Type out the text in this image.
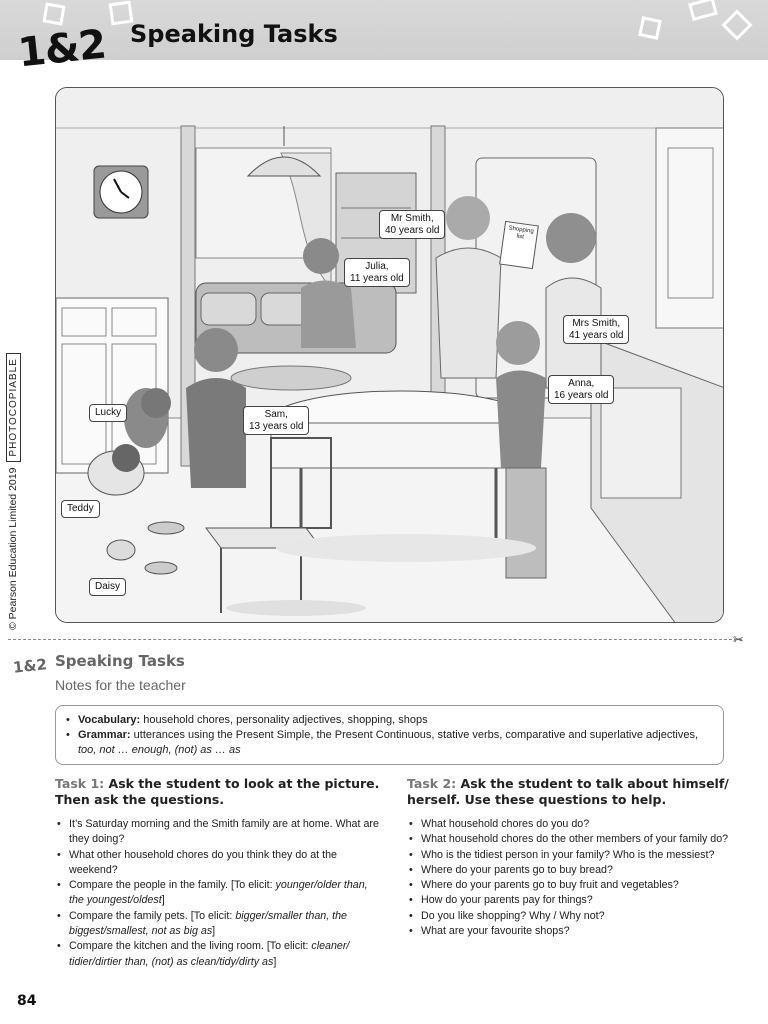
1&2 Speaking Tasks
© Pearson Education Limited 2019
PHOTOCOPIABLE
Mr Smith,
40 years old
Julia,
11 years old
Mrs Smith,
41 years old
Anna,
16 years old
Sam,
13 years old
Lucky
Teddy
Daisy
Shopping list
✂
1&2 Speaking Tasks
Notes for the teacher
• Vocabulary: household chores, personality adjectives, shopping, shops
• Grammar: utterances using the Present Simple, the Present Continuous, stative verbs, comparative and superlative adjectives, too, not … enough, (not) as … as
Task 1: Ask the student to look at the picture. Then ask the questions.
• It’s Saturday morning and the Smith family are at home. What are they doing?
• What other household chores do you think they do at the weekend?
• Compare the people in the family. [To elicit: younger/older than, the youngest/oldest]
• Compare the family pets. [To elicit: bigger/smaller than, the biggest/smallest, not as big as]
• Compare the kitchen and the living room. [To elicit: cleaner/ tidier/dirtier than, (not) as clean/tidy/dirty as]
Task 2: Ask the student to talk about himself/ herself. Use these questions to help.
• What household chores do you do?
• What household chores do the other members of your family do?
• Who is the tidiest person in your family? Who is the messiest?
• Where do your parents go to buy bread?
• Where do your parents go to buy fruit and vegetables?
• How do your parents pay for things?
• Do you like shopping? Why / Why not?
• What are your favourite shops?
84
